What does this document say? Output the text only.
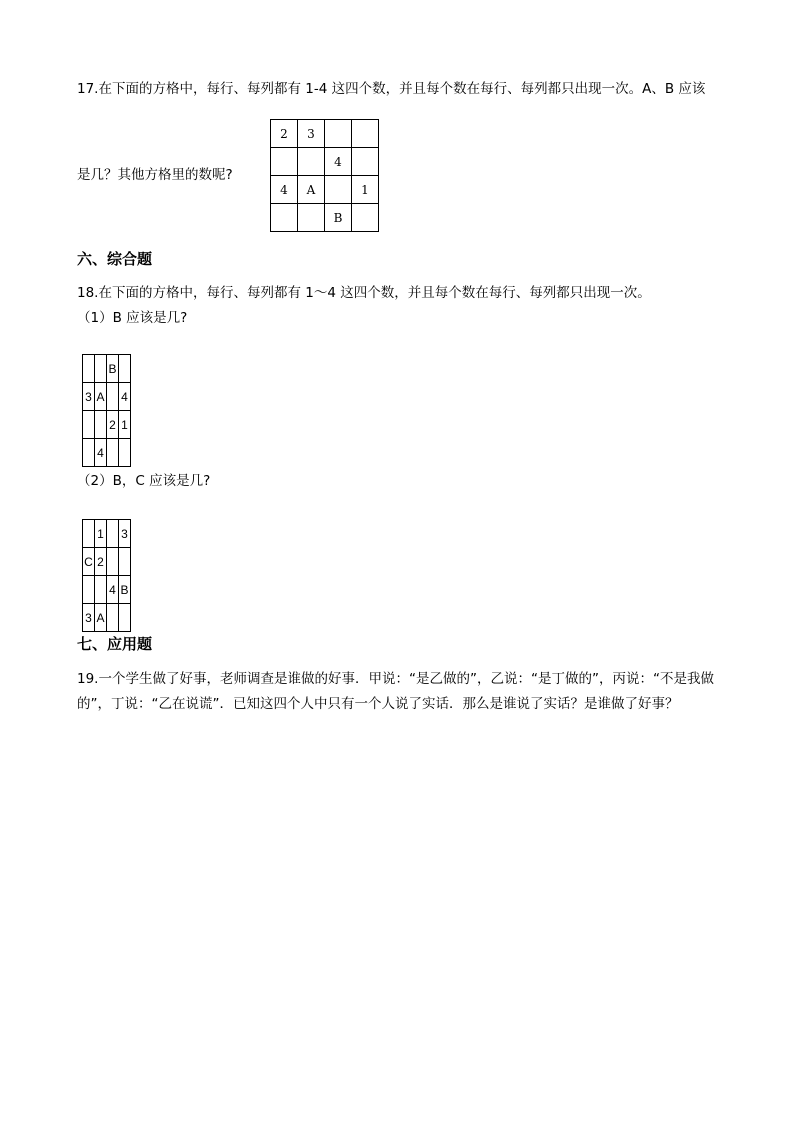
17.在下面的方格中，每行、每列都有 1-4 这四个数，并且每个数在每行、每列都只出现一次。A、B 应该
2	3		
		4	
4	A		1
		B	
是几？其他方格里的数呢?
六、综合题
18.在下面的方格中，每行、每列都有 1～4 这四个数，并且每个数在每行、每列都只出现一次。
（1）B 应该是几?
		B	
3	A		4
		2	1
	4		
（2）B，C 应该是几?
	1		3
C	2		
		4	B
3	A		
七、应用题
19.一个学生做了好事，老师调查是谁做的好事．甲说：“是乙做的”，乙说：“是丁做的”，丙说：“不是我做
的”，丁说：“乙在说谎”．已知这四个人中只有一个人说了实话．那么是谁说了实话？是谁做了好事？
